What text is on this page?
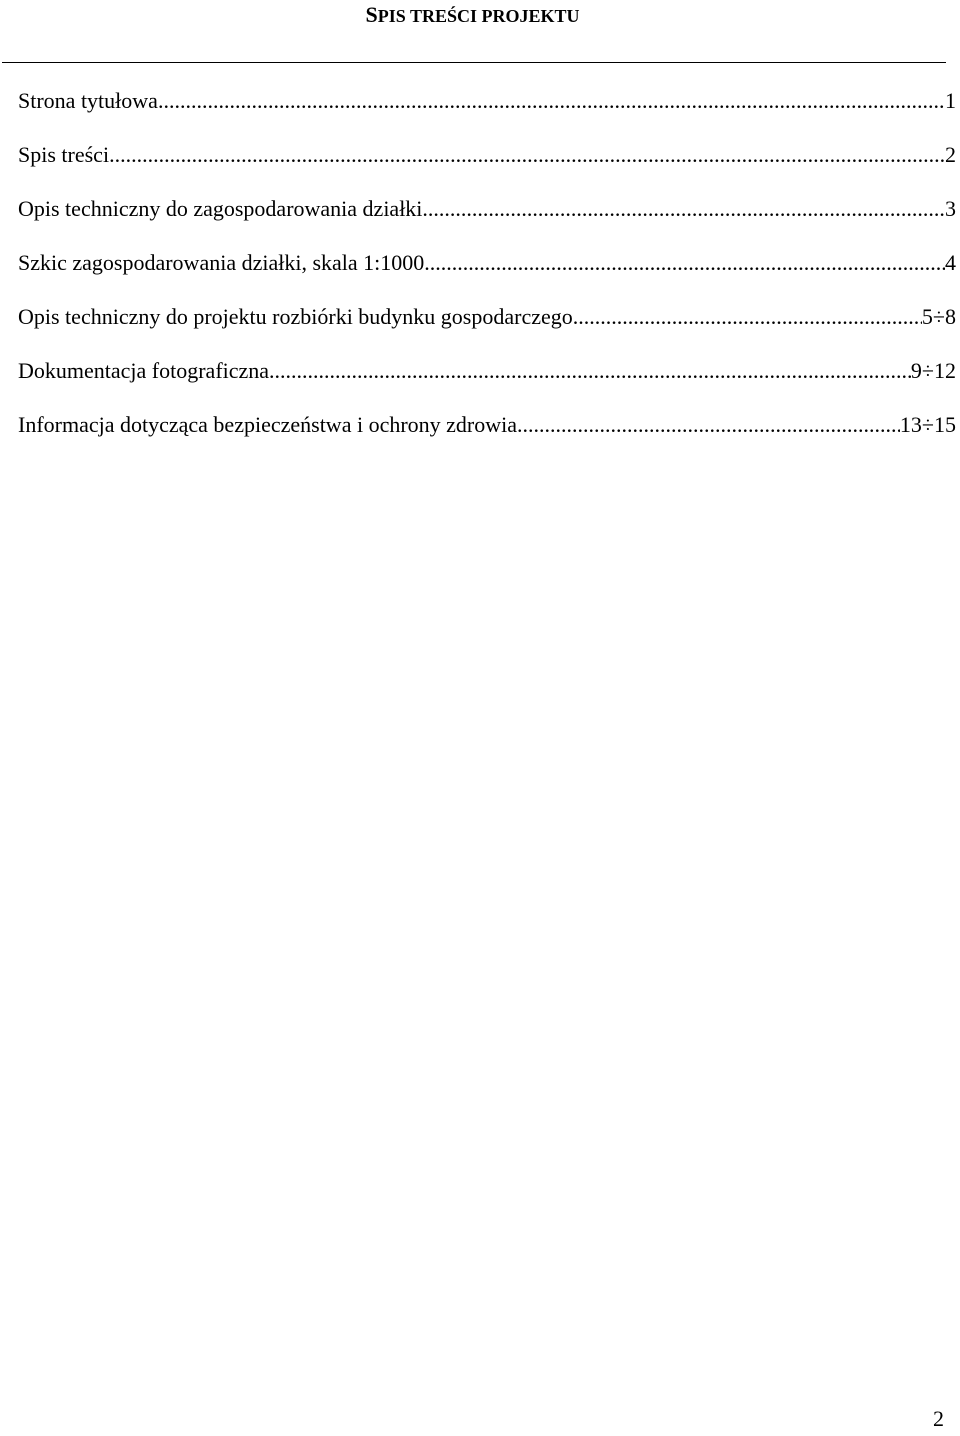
SPIS TREŚCI PROJEKTU
Strona tytułowa .....	1
Spis treści .....	2
Opis techniczny do zagospodarowania działki .....	3
Szkic zagospodarowania działki, skala 1:1000 .....	4
Opis techniczny do projektu rozbiórki budynku gospodarczego .....	5÷8
Dokumentacja fotograficzna .....	9÷12
Informacja dotycząca bezpieczeństwa i ochrony zdrowia .....	13÷15
2
